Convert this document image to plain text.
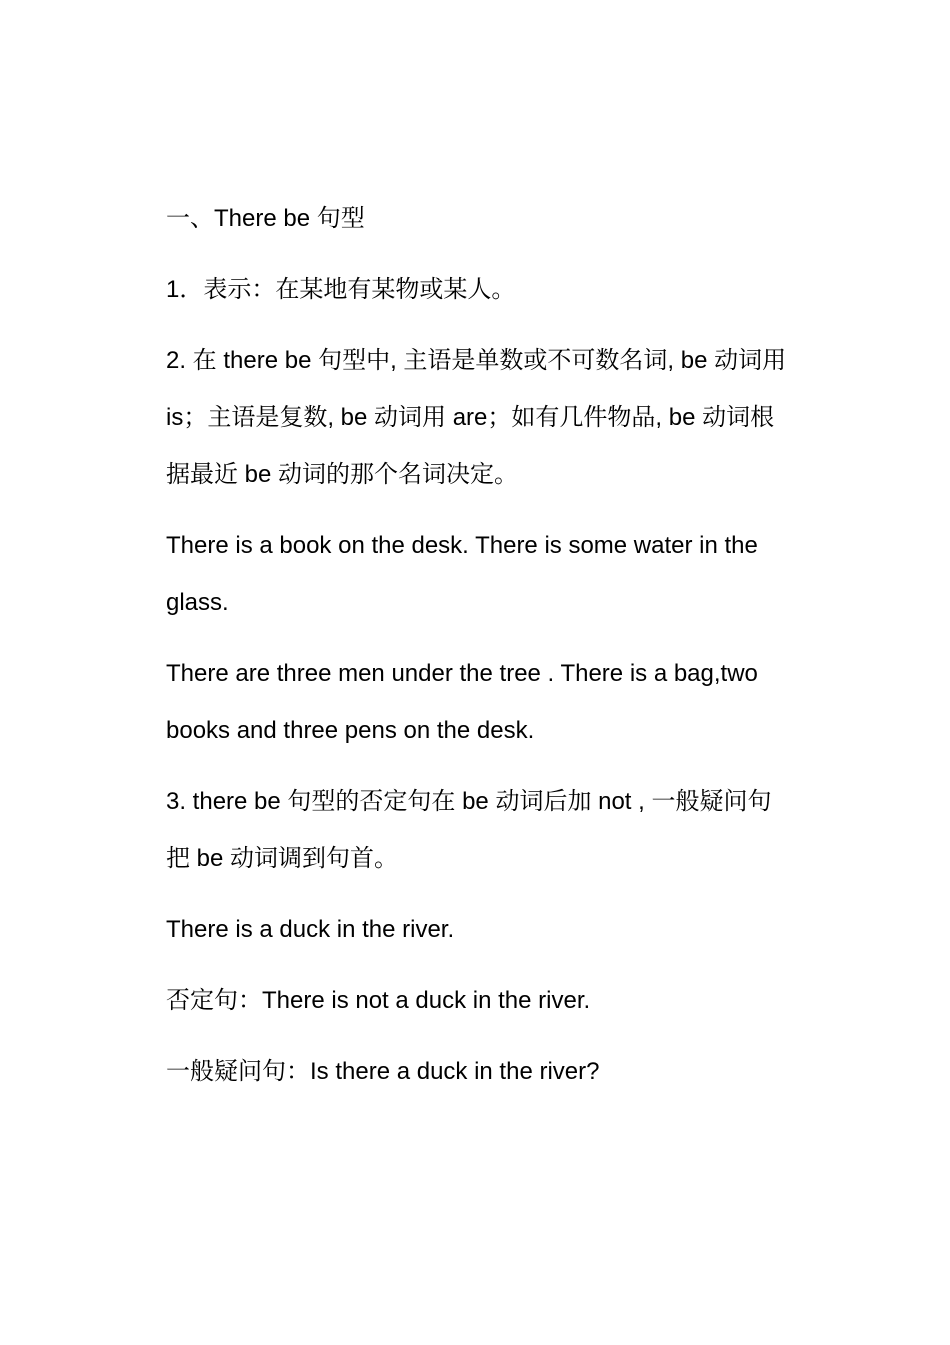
一、There be 句型

1．表示：在某地有某物或某人。

2. 在 there be 句型中, 主语是单数或不可数名词, be 动词用 is；主语是复数, be 动词用 are；如有几件物品, be 动词根据最近 be 动词的那个名词决定。

There is a book on the desk. There is some water in the glass.

There are three men under the tree . There is a bag,two books and three pens on the desk.

3. there be 句型的否定句在 be 动词后加 not , 一般疑问句把 be 动词调到句首。

There is a duck in the river.

否定句：There is not a duck in the river.

一般疑问句：Is there a duck in the river?
